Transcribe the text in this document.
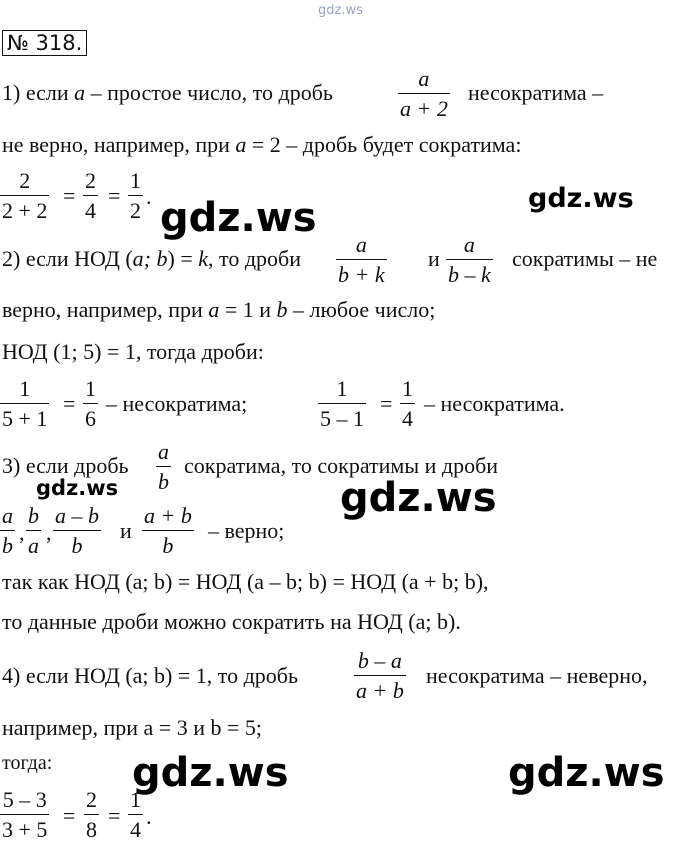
gdz.ws
gdz.ws	gdz.ws
gdz.ws	gdz.ws
gdz.ws	gdz.ws
№ 318.
1) если a – простое число, то дробь
a
a + 2
несократима –
не верно, например, при a = 2 – дробь будет сократима:
2
2 + 2
=
2
4
=
1
2
.
2) если НОД (a; b) = k, то дроби
a
b + k
и
a
b – k
сократимы – не
верно, например, при a = 1 и b – любое число;
НОД (1; 5) = 1, тогда дроби:
1
5 + 1
=
1
6
– несократима;
1
5 – 1
=
1
4
– несократима.
3) если дробь
a
b
сократима, то сократимы и дроби
a
b
,
b
a
,
a – b
b
и
a + b
b
– верно;
так как НОД (a; b) = НОД (a – b; b) = НОД (a + b; b),
то данные дроби можно сократить на НОД (a; b).
4) если НОД (a; b) = 1, то дробь
b – a
a + b
несократима – неверно,
например, при a = 3 и b = 5;
тогда:
5 – 3
3 + 5
=
2
8
=
1
4
.
